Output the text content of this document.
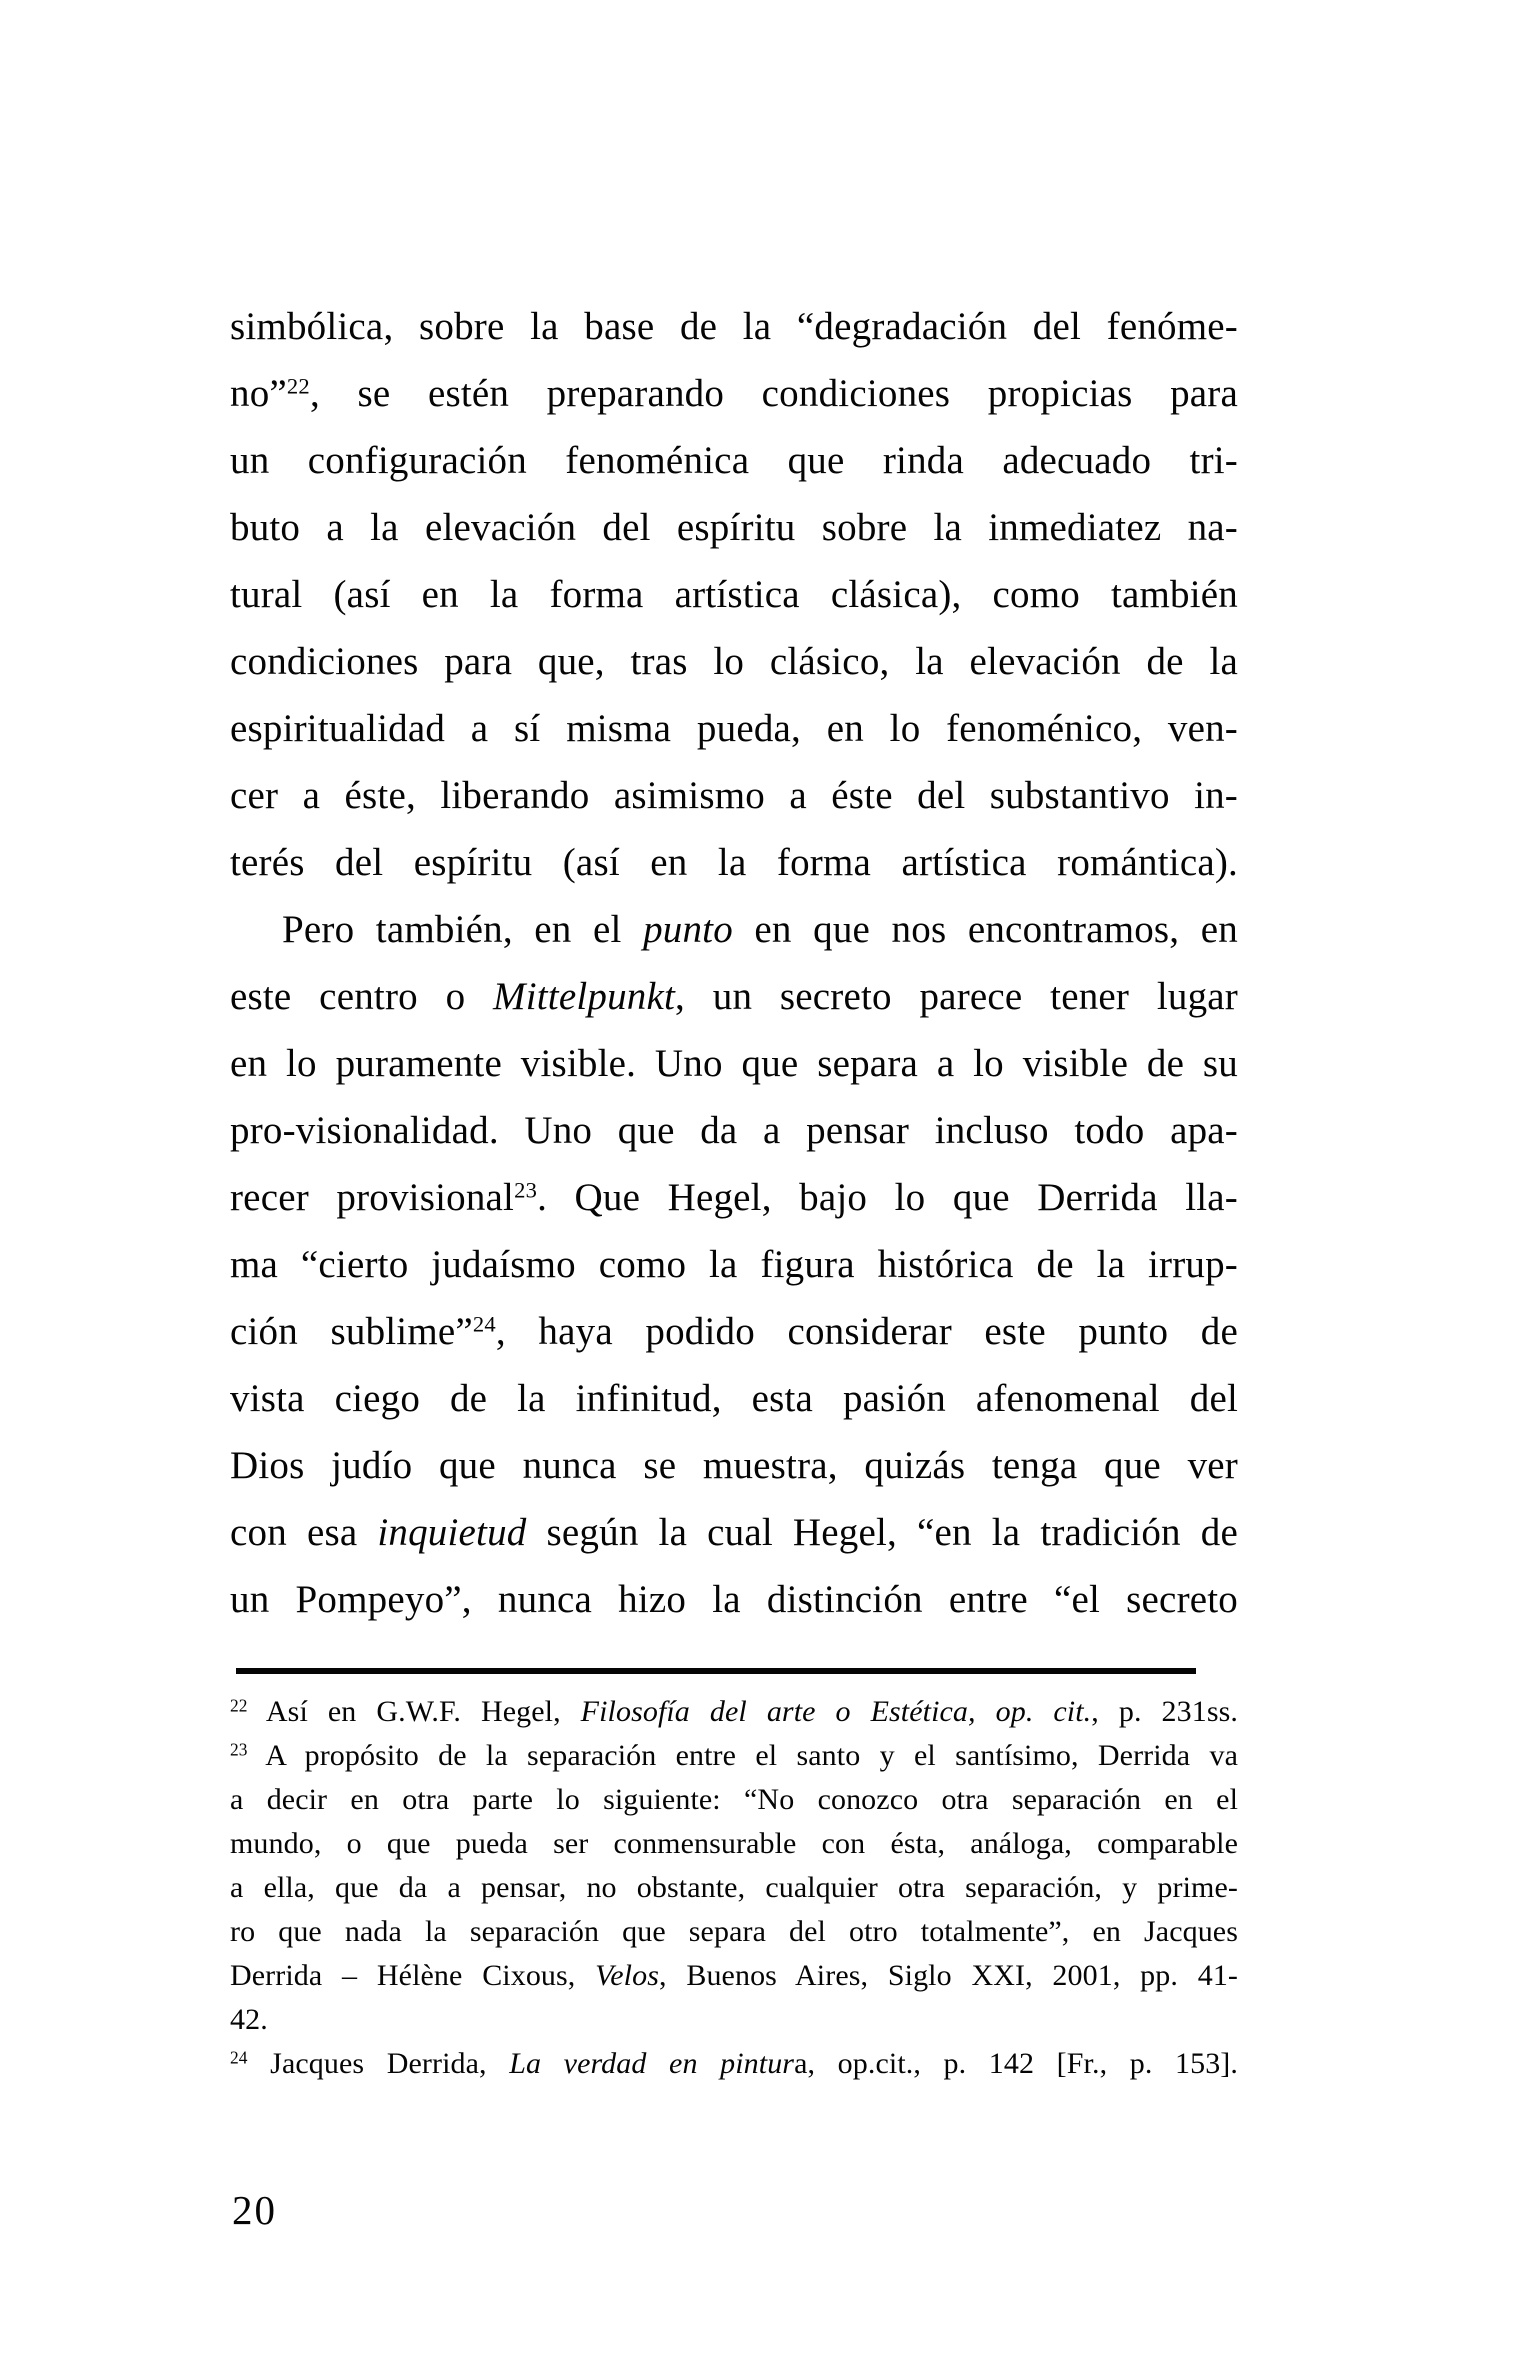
simbólica, sobre la base de la “degradación del fenóme-
no”$^{22}$, se estén preparando condiciones propicias para
un configuración fenoménica que rinda adecuado tri-
buto a la elevación del espíritu sobre la inmediatez na-
tural (así en la forma artística clásica), como también
condiciones para que, tras lo clásico, la elevación de la
espiritualidad a sí misma pueda, en lo fenoménico, ven-
cer a éste, liberando asimismo a éste del substantivo in-
terés del espíritu (así en la forma artística romántica).
Pero también, en el punto en que nos encontramos, en
este centro o Mittelpunkt, un secreto parece tener lugar
en lo puramente visible. Uno que separa a lo visible de su
pro-visionalidad. Uno que da a pensar incluso todo apa-
recer provisional$^{23}$. Que Hegel, bajo lo que Derrida lla-
ma “cierto judaísmo como la figura histórica de la irrup-
ción sublime”$^{24}$, haya podido considerar este punto de
vista ciego de la infinitud, esta pasión afenomenal del
Dios judío que nunca se muestra, quizás tenga que ver
con esa inquietud según la cual Hegel, “en la tradición de
un Pompeyo”, nunca hizo la distinción entre “el secreto
$^{22}$ Así en G.W.F. Hegel, Filosofía del arte o Estética, op. cit., p. 231ss.
$^{23}$ A propósito de la separación entre el santo y el santísimo, Derrida va
a decir en otra parte lo siguiente: “No conozco otra separación en el
mundo, o que pueda ser conmensurable con ésta, análoga, comparable
a ella, que da a pensar, no obstante, cualquier otra separación, y prime-
ro que nada la separación que separa del otro totalmente”, en Jacques
Derrida – Hélène Cixous, Velos, Buenos Aires, Siglo XXI, 2001, pp. 41-
42.
$^{24}$ Jacques Derrida, La verdad en pintura, op.cit., p. 142 [Fr., p. 153].
20
